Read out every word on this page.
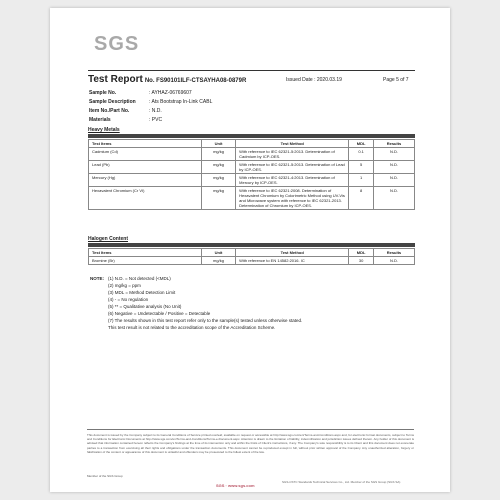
SGS
Test Report No. FS90101ILF-CTSAYHA08-0879R	Issued Date : 2020.03.19	Page 5 of 7
Sample No.	: AYHAZ-06769607
Sample Description	: Ats Bootstrap In-Link CABL
Item No./Part No.	: N.D.
Materials	: PVC
Heavy Metals
Test Items	Unit	Test Method	MDL	Results
Cadmium (Cd)	mg/kg	With reference to IEC 62321-5:2013. Determination of Cadmium by ICP-OES.	0.1	N.D.
Lead (Pb)	mg/kg	With reference to IEC 62321-5:2013. Determination of Lead by ICP-OES.	5	N.D.
Mercury (Hg)	mg/kg	With reference to IEC 62321-4:2013. Determination of Mercury by ICP-OES.	1	N.D.
Hexavalent Chromium (Cr VI)	mg/kg	With reference to IEC 62321:2008. Determination of Hexavalent Chromium by Colorimetric Method using UV-Vis and Microwave system with reference to IEC 62321-2013. Determination of Chromium by ICP-OES.	8	N.D.
Halogen Content
Test Items	Unit	Test Method	MDL	Results
Bromine (Br)	mg/kg	With reference to EN 14582:2016. IC	30	N.D.
NOTE: (1) N.D. = Not detected (<MDL)
(2) mg/kg = ppm
(3) MDL = Method Detection Limit
(4) - = No regulation
(5) ** = Qualitative analysis (No Unit)
(6) Negative = Undetectable / Positive = Detectable
(7) The results shown in this test report refer only to the sample(s) tested unless otherwise stated.
This test result is not related to the accreditation scope of the Accreditation Scheme.
This document is issued by the Company subject to its General Conditions of Service printed overleaf, available on request or accessible at http://www.sgs.com/en/Terms-and-Conditions.aspx and, for electronic format documents, subject to Terms and Conditions for Electronic Documents at http://www.sgs.com/en/Terms-and-Conditions/Terms-e-Document.aspx. Attention is drawn to the limitation of liability, indemnification and jurisdiction issues defined therein. Any holder of this document is advised that information contained hereon reflects the Company's findings at the time of its intervention only and within the limits of Client's instructions, if any. The Company's sole responsibility is to its Client and this document does not exonerate parties to a transaction from exercising all their rights and obligations under the transaction documents. This document cannot be reproduced except in full, without prior written approval of the Company. Any unauthorized alteration, forgery or falsification of the content or appearance of this document is unlawful and offenders may be prosecuted to the fullest extent of the law.
Member of the SGS Group
SGS · www.sgs.com
SGS-CSTC Standards Technical Services Co., Ltd. Member of the SGS Group (SGS SA)
